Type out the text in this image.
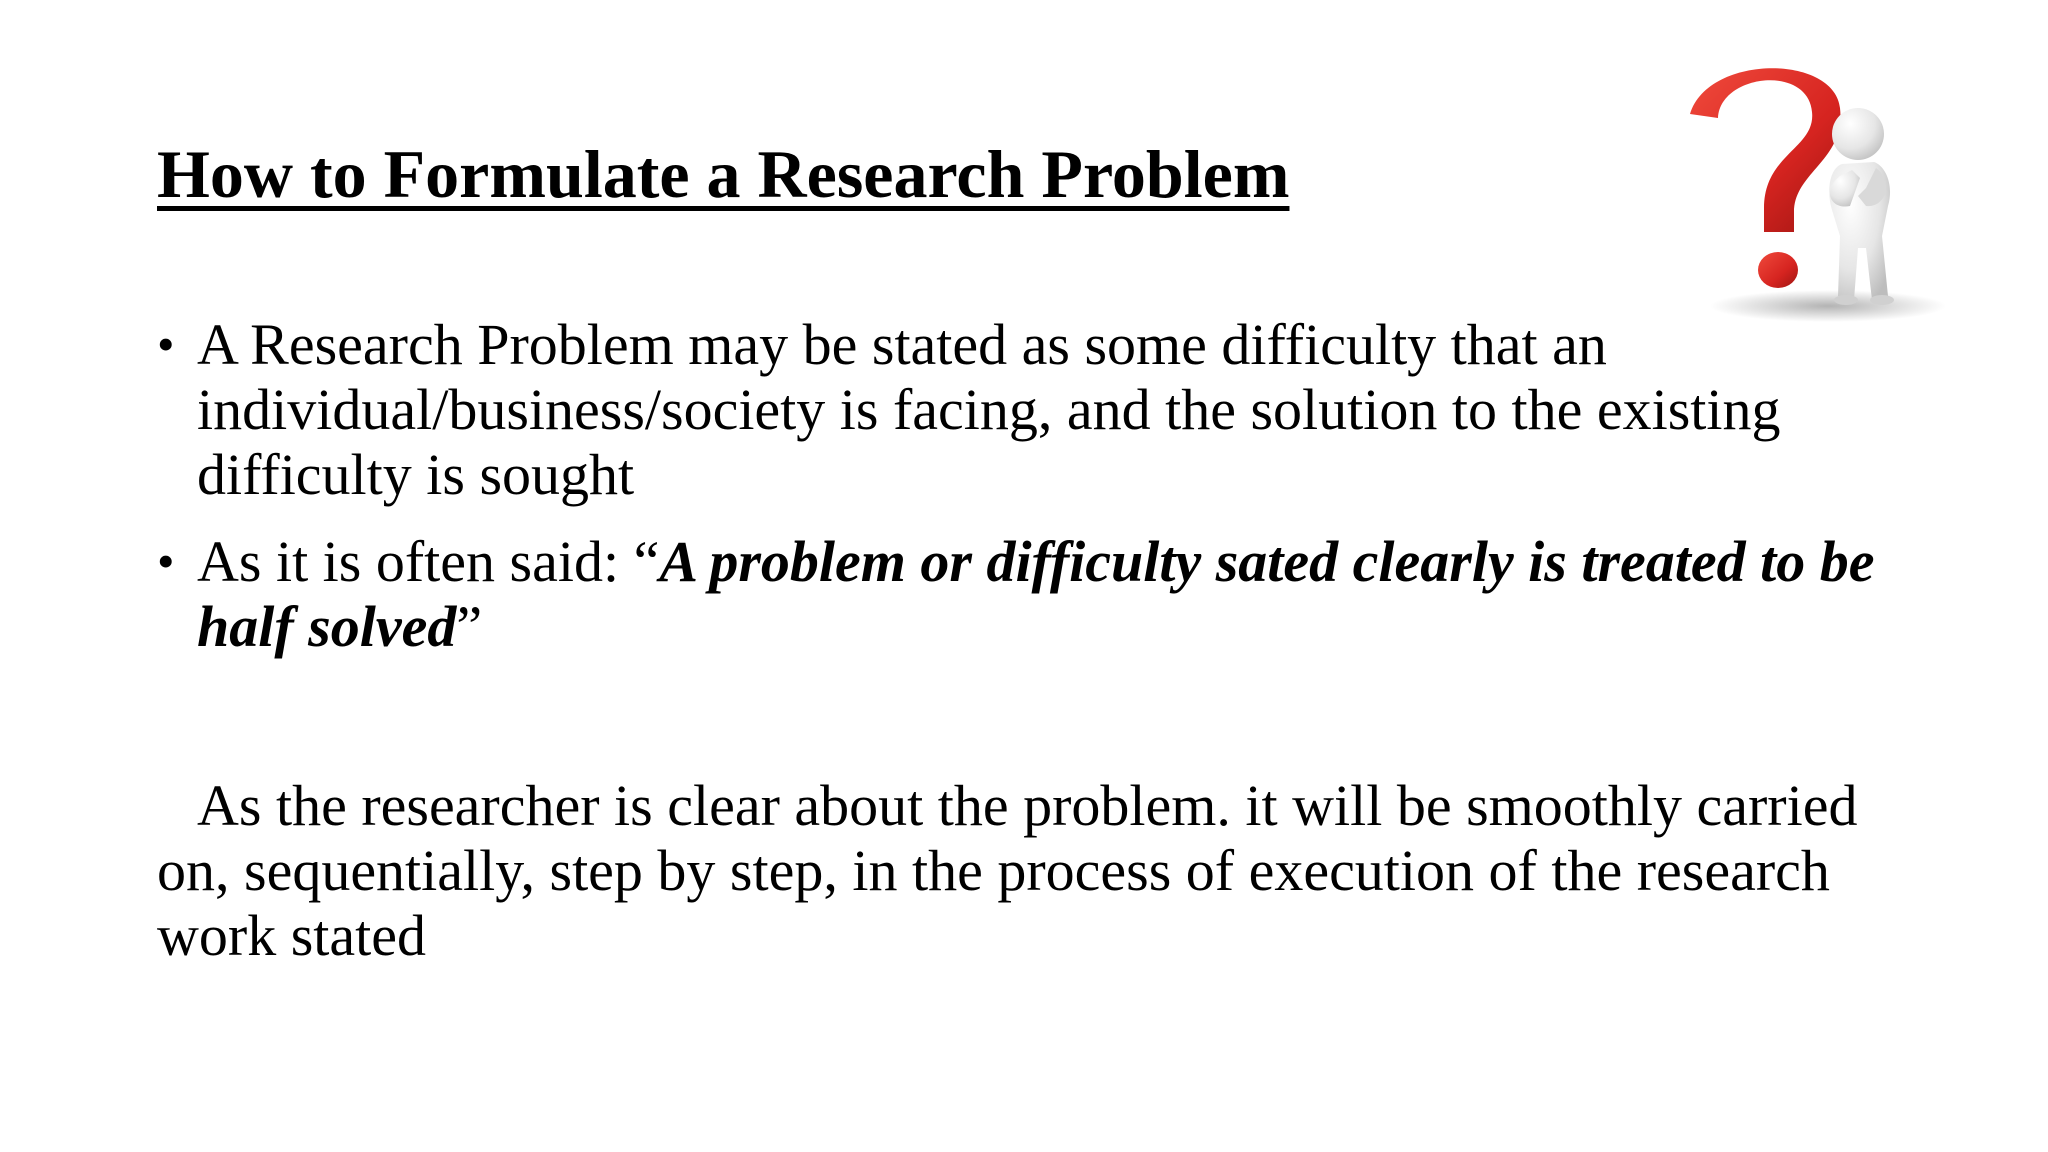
How to Formulate a Research Problem
• A Research Problem may be stated as some difficulty that an individual/business/society is facing, and the solution to the existing difficulty is sought
• As it is often said: “A problem or difficulty sated clearly is treated to be half solved”

As the researcher is clear about the problem. it will be smoothly carried on, sequentially, step by step, in the process of execution of the research work stated
